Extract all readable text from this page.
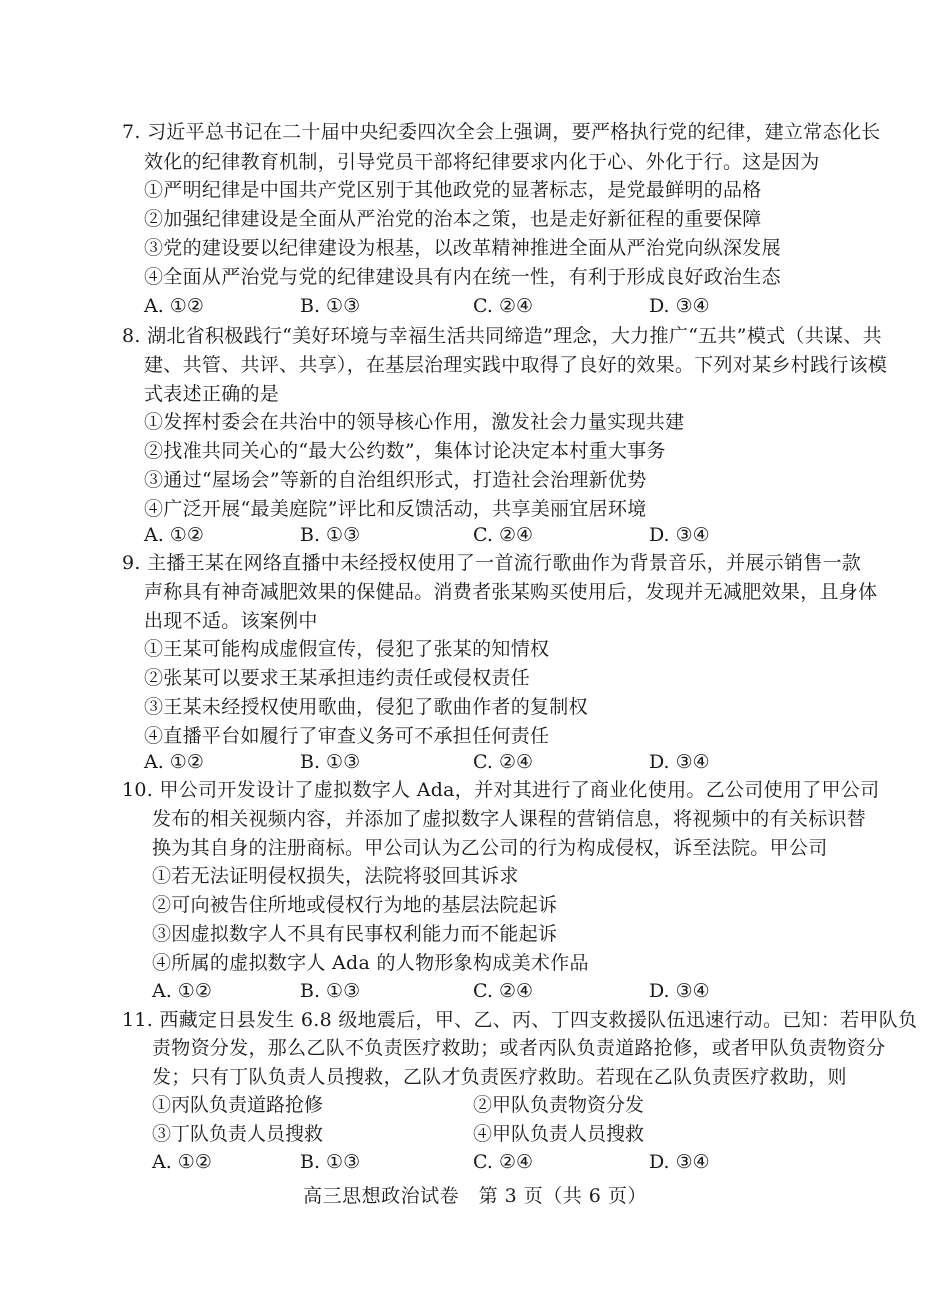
7. 习近平总书记在二十届中央纪委四次全会上强调，要严格执行党的纪律，建立常态化长
效化的纪律教育机制，引导党员干部将纪律要求内化于心、外化于行。这是因为
①严明纪律是中国共产党区别于其他政党的显著标志，是党最鲜明的品格
②加强纪律建设是全面从严治党的治本之策，也是走好新征程的重要保障
③党的建设要以纪律建设为根基，以改革精神推进全面从严治党向纵深发展
④全面从严治党与党的纪律建设具有内在统一性，有利于形成良好政治生态
A. ①②	B. ①③	C. ②④	D. ③④
8. 湖北省积极践行“美好环境与幸福生活共同缔造”理念，大力推广“五共”模式（共谋、共
建、共管、共评、共享），在基层治理实践中取得了良好的效果。下列对某乡村践行该模
式表述正确的是
①发挥村委会在共治中的领导核心作用，激发社会力量实现共建
②找准共同关心的“最大公约数”，集体讨论决定本村重大事务
③通过“屋场会”等新的自治组织形式，打造社会治理新优势
④广泛开展“最美庭院”评比和反馈活动，共享美丽宜居环境
A. ①②	B. ①③	C. ②④	D. ③④
9. 主播王某在网络直播中未经授权使用了一首流行歌曲作为背景音乐，并展示销售一款
声称具有神奇减肥效果的保健品。消费者张某购买使用后，发现并无减肥效果，且身体
出现不适。该案例中
①王某可能构成虚假宣传，侵犯了张某的知情权
②张某可以要求王某承担违约责任或侵权责任
③王某未经授权使用歌曲，侵犯了歌曲作者的复制权
④直播平台如履行了审查义务可不承担任何责任
A. ①②	B. ①③	C. ②④	D. ③④
10. 甲公司开发设计了虚拟数字人 Ada，并对其进行了商业化使用。乙公司使用了甲公司
发布的相关视频内容，并添加了虚拟数字人课程的营销信息，将视频中的有关标识替
换为其自身的注册商标。甲公司认为乙公司的行为构成侵权，诉至法院。甲公司
①若无法证明侵权损失，法院将驳回其诉求
②可向被告住所地或侵权行为地的基层法院起诉
③因虚拟数字人不具有民事权利能力而不能起诉
④所属的虚拟数字人 Ada 的人物形象构成美术作品
A. ①②	B. ①③	C. ②④	D. ③④
11. 西藏定日县发生 6.8 级地震后，甲、乙、丙、丁四支救援队伍迅速行动。已知：若甲队负
责物资分发，那么乙队不负责医疗救助；或者丙队负责道路抢修，或者甲队负责物资分
发；只有丁队负责人员搜救，乙队才负责医疗救助。若现在乙队负责医疗救助，则
①丙队负责道路抢修	②甲队负责物资分发
③丁队负责人员搜救	④甲队负责人员搜救
A. ①②	B. ①③	C. ②④	D. ③④
高三思想政治试卷　第 3 页（共 6 页）
